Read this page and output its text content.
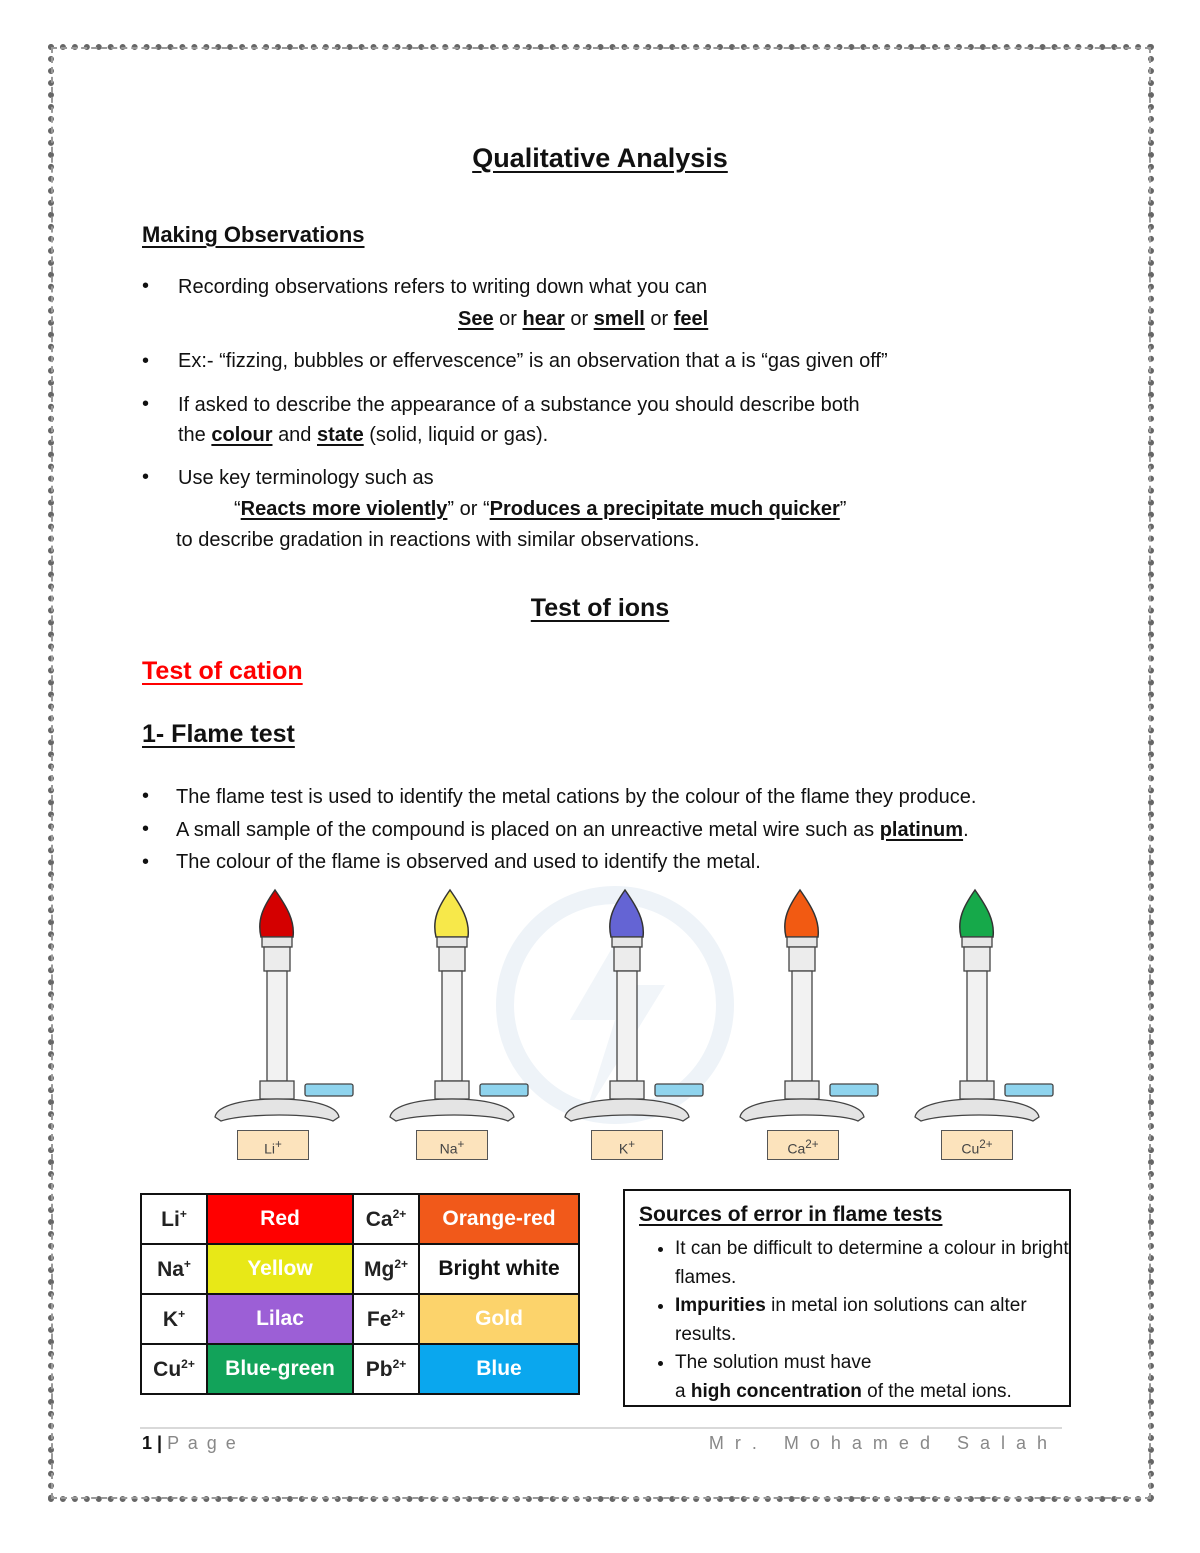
Qualitative Analysis
Making Observations
• Recording observations refers to writing down what you can
See or hear or smell or feel
• Ex:- “fizzing, bubbles or effervescence” is an observation that a is “gas given off”
• If asked to describe the appearance of a substance you should describe both
the colour and state (solid, liquid or gas).
• Use key terminology such as
“Reacts more violently” or “Produces a precipitate much quicker”
to describe gradation in reactions with similar observations.
Test of ions
Test of cation
1- Flame test
• The flame test is used to identify the metal cations by the colour of the flame they produce.
• A small sample of the compound is placed on an unreactive metal wire such as platinum.
• The colour of the flame is observed and used to identify the metal.
Li+	Na+	K+	$Ca^{2+}$	$Cu^{2+}$
Li+	Red	$Ca^{2+}$	Orange-red
Na+	Yellow	$Mg^{2+}$	Bright white
K+	Lilac	$Fe^{2+}$	Gold
$Cu^{2+}$	Blue-green	$Pb^{2+}$	Blue
Sources of error in flame tests
• It can be difficult to determine a colour in bright flames.
• Impurities in metal ion solutions can alter results.
• The solution must have
a high concentration of the metal ions.
1 | P a g e	M r .   M o h a m e d   S a l a h
